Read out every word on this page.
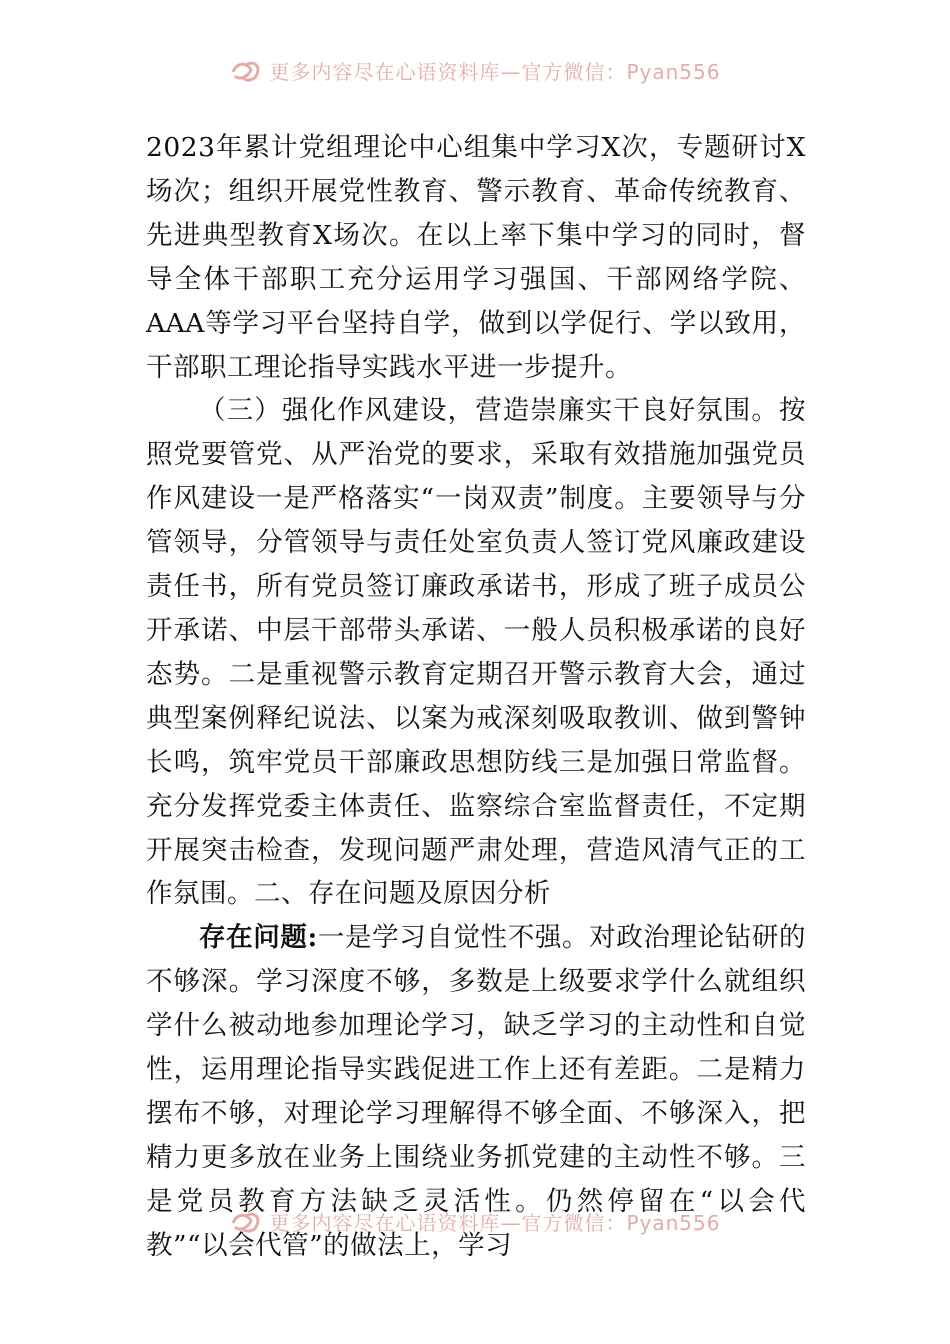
更多内容尽在心语资料库—官方微信：Pyan556

2023年累计党组理论中心组集中学习X次，专题研讨X场次；组织开展党性教育、警示教育、革命传统教育、先进典型教育X场次。在以上率下集中学习的同时，督导全体干部职工充分运用学习强国、干部网络学院、AAA等学习平台坚持自学，做到以学促行、学以致用，干部职工理论指导实践水平进一步提升。

（三）强化作风建设，营造崇廉实干良好氛围。按照党要管党、从严治党的要求，采取有效措施加强党员作风建设一是严格落实“一岗双责”制度。主要领导与分管领导，分管领导与责任处室负责人签订党风廉政建设责任书，所有党员签订廉政承诺书，形成了班子成员公开承诺、中层干部带头承诺、一般人员积极承诺的良好态势。二是重视警示教育定期召开警示教育大会，通过典型案例释纪说法、以案为戒深刻吸取教训、做到警钟长鸣，筑牢党员干部廉政思想防线三是加强日常监督。充分发挥党委主体责任、监察综合室监督责任，不定期开展突击检查，发现问题严肃处理，营造风清气正的工作氛围。二、存在问题及原因分析

存在问题:一是学习自觉性不强。对政治理论钻研的不够深。学习深度不够，多数是上级要求学什么就组织学什么被动地参加理论学习，缺乏学习的主动性和自觉性，运用理论指导实践促进工作上还有差距。二是精力摆布不够，对理论学习理解得不够全面、不够深入，把精力更多放在业务上围绕业务抓党建的主动性不够。三是党员教育方法缺乏灵活性。仍然停留在“以会代教”“以会代管”的做法上，学习

更多内容尽在心语资料库—官方微信：Pyan556
